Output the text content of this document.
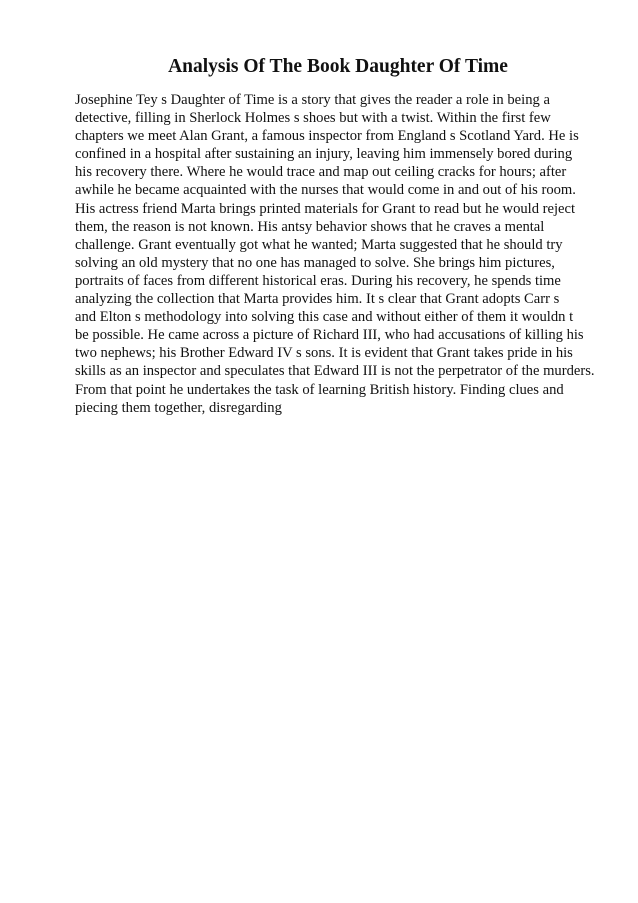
Analysis Of The Book Daughter Of Time
Josephine Tey s Daughter of Time is a story that gives the reader a role in being a
detective, filling in Sherlock Holmes s shoes but with a twist. Within the first few
chapters we meet Alan Grant, a famous inspector from England s Scotland Yard. He is
confined in a hospital after sustaining an injury, leaving him immensely bored during
his recovery there. Where he would trace and map out ceiling cracks for hours; after
awhile he became acquainted with the nurses that would come in and out of his room.
His actress friend Marta brings printed materials for Grant to read but he would reject
them, the reason is not known. His antsy behavior shows that he craves a mental
challenge. Grant eventually got what he wanted; Marta suggested that he should try
solving an old mystery that no one has managed to solve. She brings him pictures,
portraits of faces from different historical eras. During his recovery, he spends time
analyzing the collection that Marta provides him. It s clear that Grant adopts Carr s
and Elton s methodology into solving this case and without either of them it wouldn t
be possible. He came across a picture of Richard III, who had accusations of killing his
two nephews; his Brother Edward IV s sons. It is evident that Grant takes pride in his
skills as an inspector and speculates that Edward III is not the perpetrator of the murders.
From that point he undertakes the task of learning British history. Finding clues and
piecing them together, disregarding
